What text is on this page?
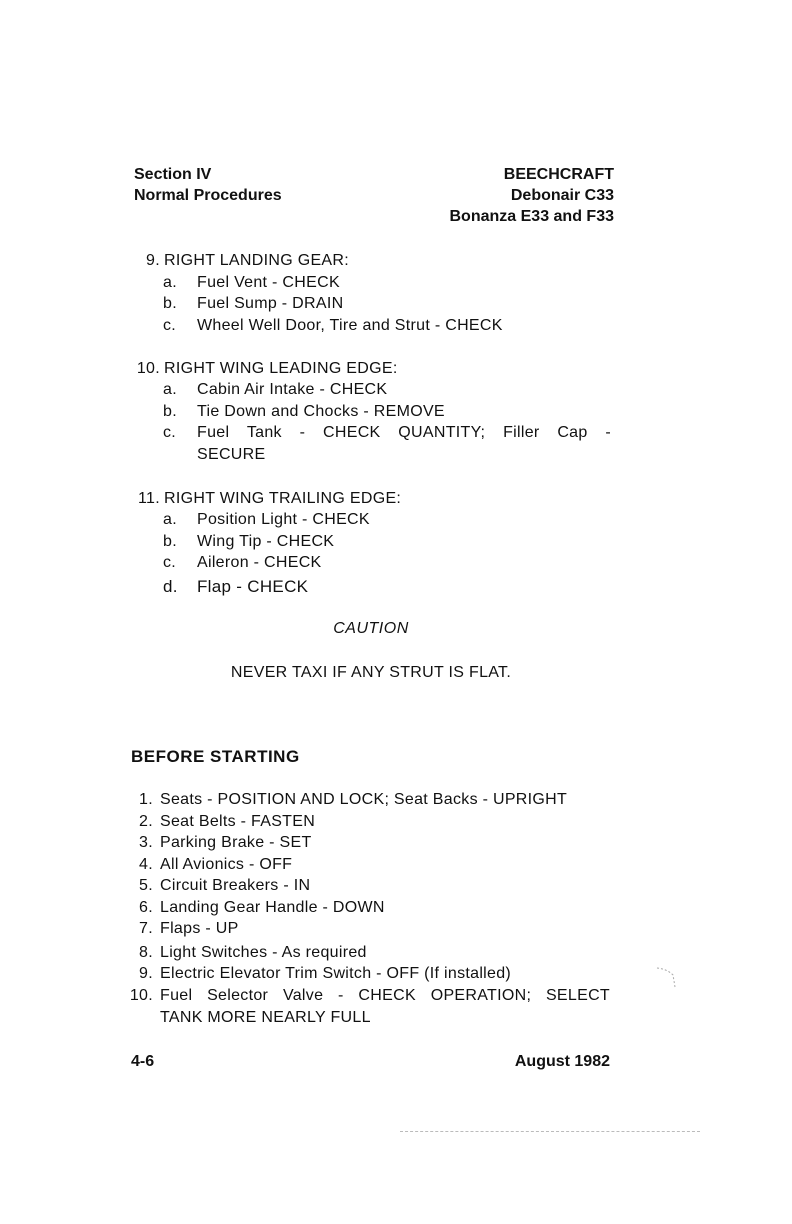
Section IV
Normal Procedures
BEECHCRAFT
Debonair C33
Bonanza E33 and F33
9. RIGHT LANDING GEAR:
a. Fuel Vent - CHECK
b. Fuel Sump - DRAIN
c. Wheel Well Door, Tire and Strut - CHECK
10. RIGHT WING LEADING EDGE:
a. Cabin Air Intake - CHECK
b. Tie Down and Chocks - REMOVE
c. Fuel Tank - CHECK QUANTITY; Filler Cap -
SECURE
11. RIGHT WING TRAILING EDGE:
a. Position Light - CHECK
b. Wing Tip - CHECK
c. Aileron - CHECK
d. Flap - CHECK
CAUTION
NEVER TAXI IF ANY STRUT IS FLAT.
BEFORE STARTING
1. Seats - POSITION AND LOCK; Seat Backs - UPRIGHT
2. Seat Belts - FASTEN
3. Parking Brake - SET
4. All Avionics - OFF
5. Circuit Breakers - IN
6. Landing Gear Handle - DOWN
7. Flaps - UP
8. Light Switches - As required
9. Electric Elevator Trim Switch - OFF (If installed)
10. Fuel Selector Valve - CHECK OPERATION; SELECT
TANK MORE NEARLY FULL
4-6	August 1982
